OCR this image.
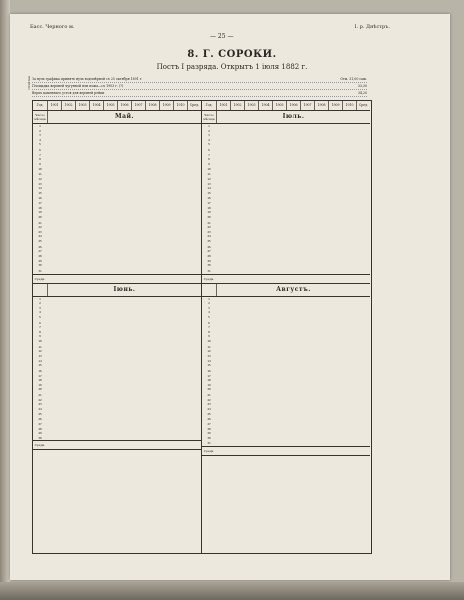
Басс. Черного м.	I. р. Днѣстръ.
— 25 —
8. Г. СОРОКИ.
Постъ I разряда. Открытъ 1 іюля 1882 г.
Отмѣтки За нуль графика принятъ нуль водомѣрной съ 25 октября 1891 г.	Отм. 31,00 саж.
Площадка верхней чугунной пли пожа—съ 1903 г. (?)	33,30
Верхъ каменнаго устоя для верхней рейки	34,20
Год.	1901	1902	1903	1904	1905	1906	1907	1908	1909	1910	Сред.
Число мѣсяца	Май.
1
2
3
4
5
6
7
8
9
10
11
12
13
14
15
16
17
18
19
20
21
22
23
24
25
26
27
28
29
30
31
Средн.
Іюнь.
1
2
3
4
5
6
7
8
9
10
11
12
13
14
15
16
17
18
19
20
21
22
23
24
25
26
27
28
29
30
Средн.
Год.	1901	1902	1903	1904	1905	1906	1907	1908	1909	1910	Сред.
Число мѣсяца	Іюль.
1
2
3
4
5
6
7
8
9
10
11
12
13
14
15
16
17
18
19
20
21
22
23
24
25
26
27
28
29
30
31
Средн.
Августъ.
1
2
3
4
5
6
7
8
9
10
11
12
13
14
15
16
17
18
19
20
21
22
23
24
25
26
27
28
29
30
31
Средн.
